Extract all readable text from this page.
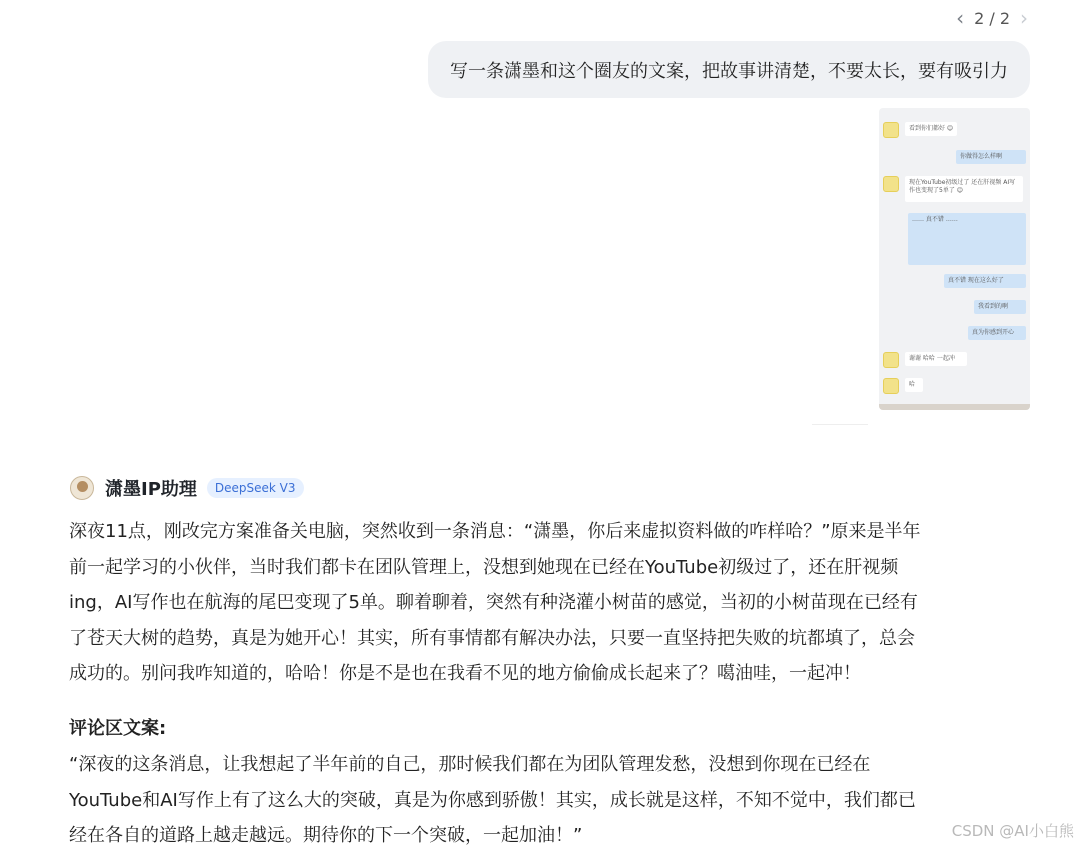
‹ 2 / 2 ›
写一条潇墨和这个圈友的文案，把故事讲清楚，不要太长，要有吸引力
看到你们都好 😊
你做得怎么样啊
现在YouTube初级过了 还在肝视频 AI写作也变现了5单了 😊
…… 真不错 ……
真不错 现在这么好了
我看到的啊
真为你感到开心
谢谢 哈哈 一起冲
哈
潇墨IP助理	DeepSeek V3

深夜11点，刚改完方案准备关电脑，突然收到一条消息：“潇墨，你后来虚拟资料做的咋样哈？”原来是半年

前一起学习的小伙伴，当时我们都卡在团队管理上，没想到她现在已经在YouTube初级过了，还在肝视频

ing，AI写作也在航海的尾巴变现了5单。聊着聊着，突然有种浇灌小树苗的感觉，当初的小树苗现在已经有

了苍天大树的趋势，真是为她开心！其实，所有事情都有解决办法，只要一直坚持把失败的坑都填了，总会

成功的。别问我咋知道的，哈哈！你是不是也在我看不见的地方偷偷成长起来了？噶油哇，一起冲！

评论区文案:

“深夜的这条消息，让我想起了半年前的自己，那时候我们都在为团队管理发愁，没想到你现在已经在

YouTube和AI写作上有了这么大的突破，真是为你感到骄傲！其实，成长就是这样，不知不觉中，我们都已

经在各自的道路上越走越远。期待你的下一个突破，一起加油！”	CSDN @AI小白熊
